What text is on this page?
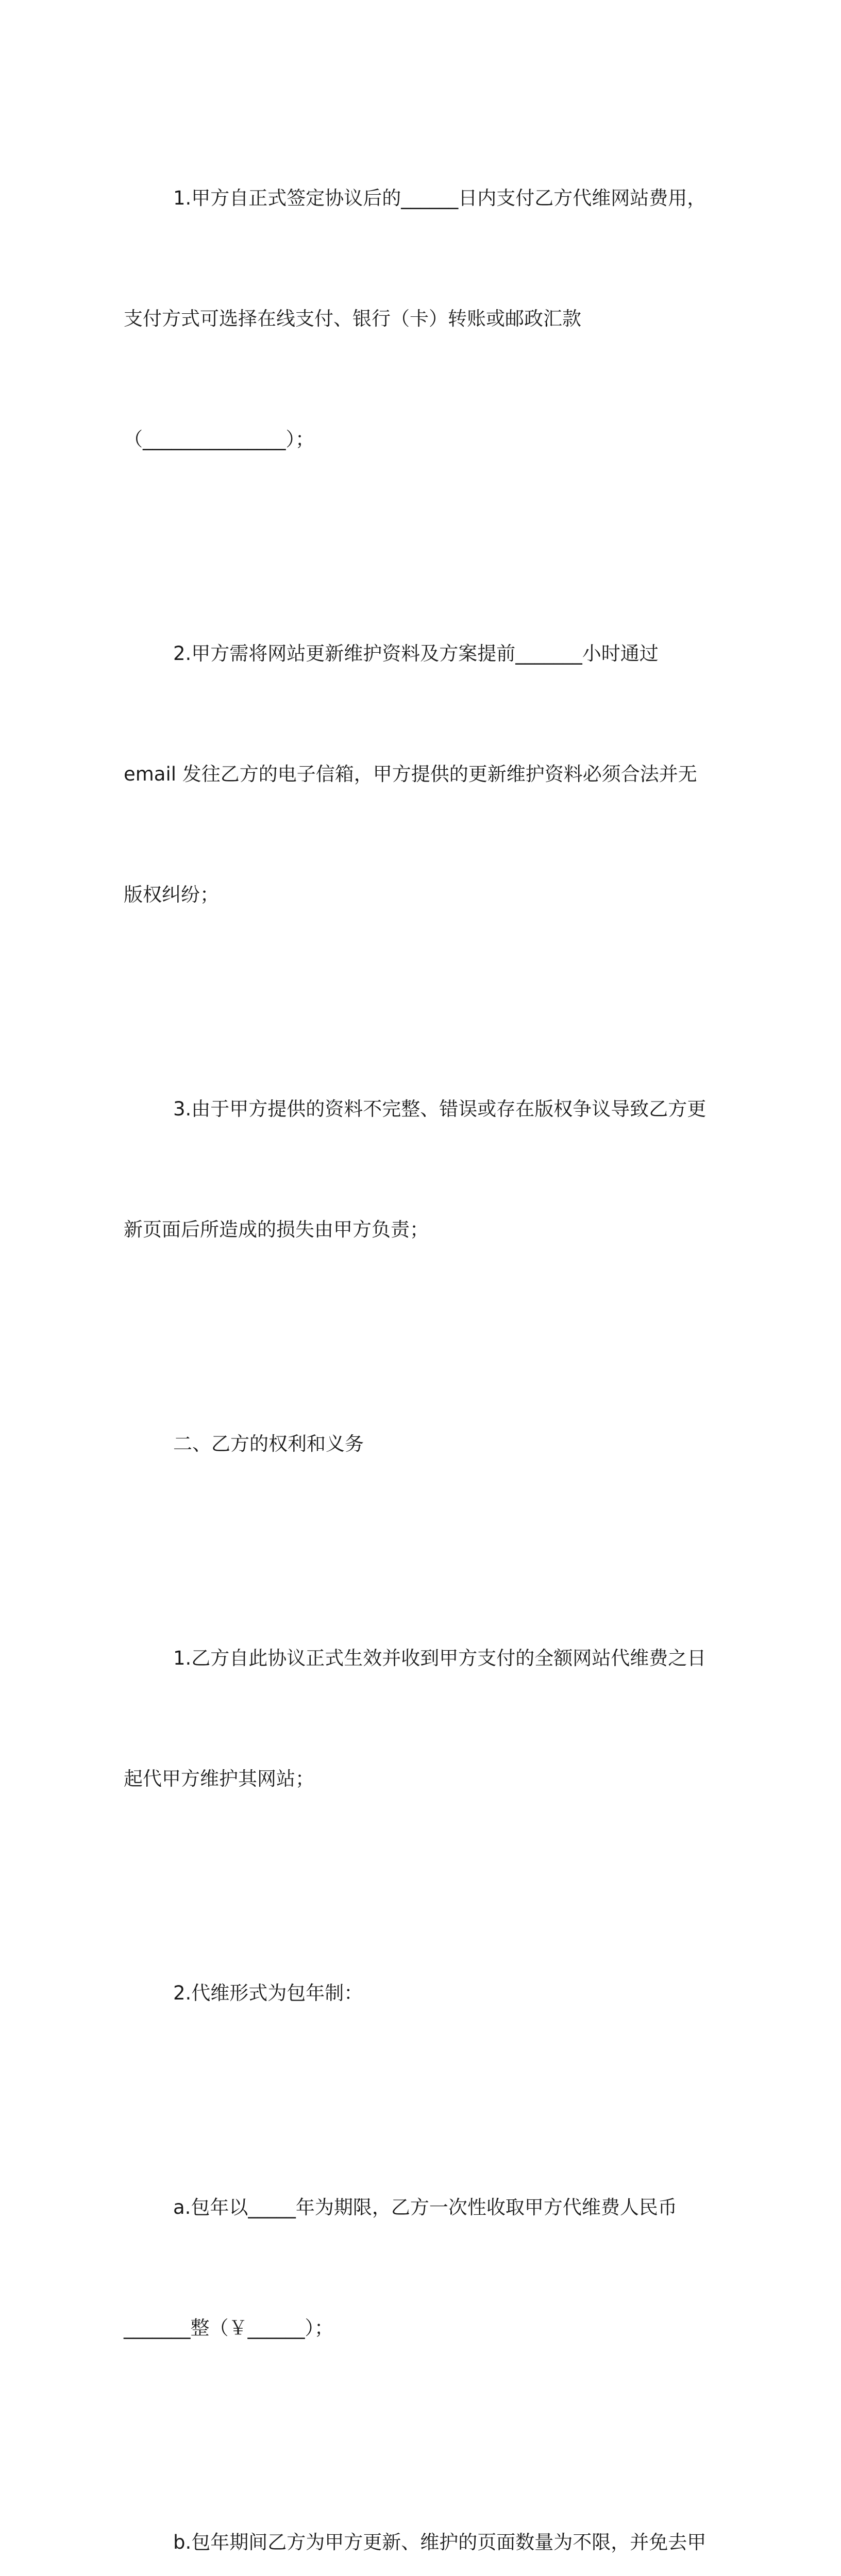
1.甲方自正式签定协议后的______日内支付乙方代维网站费用，

支付方式可选择在线支付、银行（卡）转账或邮政汇款

（_______________）；

2.甲方需将网站更新维护资料及方案提前_______小时通过

email 发往乙方的电子信箱，甲方提供的更新维护资料必须合法并无

版权纠纷；

3.由于甲方提供的资料不完整、错误或存在版权争议导致乙方更

新页面后所造成的损失由甲方负责；

二、乙方的权利和义务

1.乙方自此协议正式生效并收到甲方支付的全额网站代维费之日

起代甲方维护其网站；

2.代维形式为包年制：

a.包年以_____年为期限，乙方一次性收取甲方代维费人民币

_______整（￥______）；

b.包年期间乙方为甲方更新、维护的页面数量为不限，并免去甲
